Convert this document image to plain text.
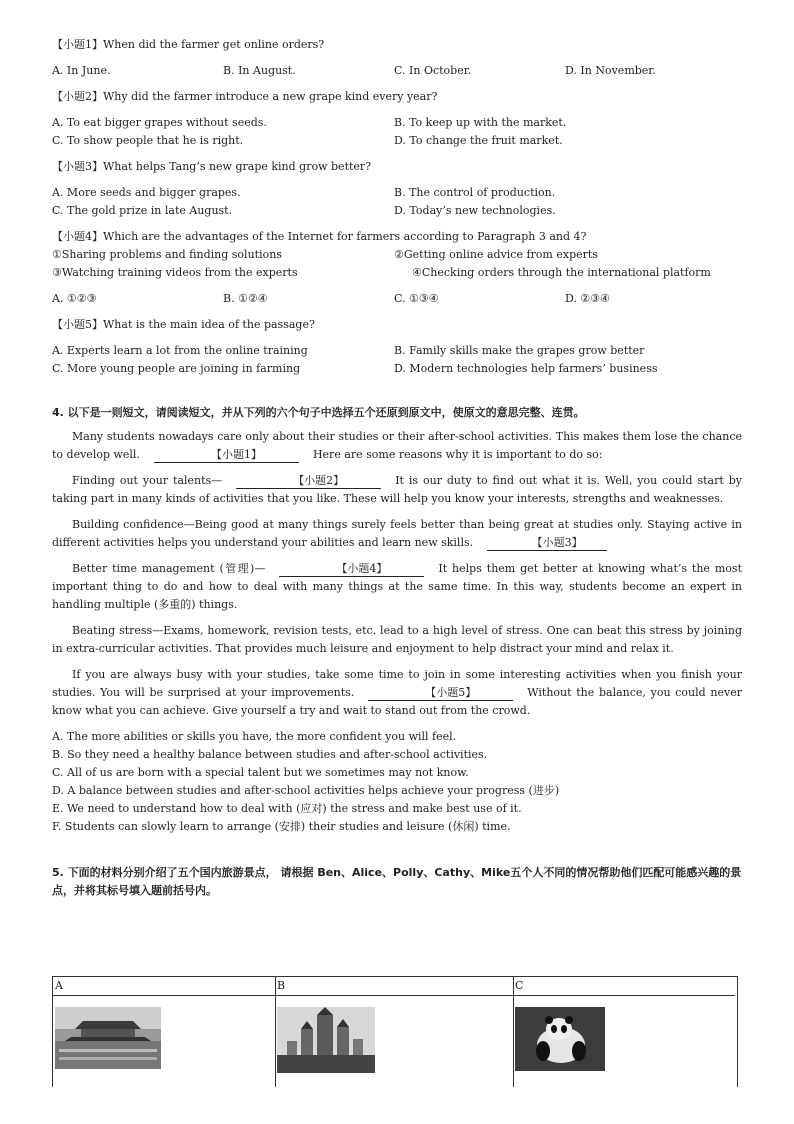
【小题1】When did the farmer get online orders?

A. In June.	B. In August.	C. In October.	D. In November.

【小题2】Why did the farmer introduce a new grape kind every year?

A. To eat bigger grapes without seeds.	B. To keep up with the market.
C. To show people that he is right.	D. To change the fruit market.

【小题3】What helps Tang’s new grape kind grow better?

A. More seeds and bigger grapes.	B. The control of production.
C. The gold prize in late August.	D. Today’s new technologies.

【小题4】Which are the advantages of the Internet for farmers according to Paragraph 3 and 4?

①Sharing problems and finding solutions	②Getting online advice from experts
③Watching training videos from the experts	④Checking orders through the international platform
A. ①②③	B. ①②④	C. ①③④	D. ②③④

【小题5】What is the main idea of the passage?

A. Experts learn a lot from the online training	B. Family skills make the grapes grow better
C. More young people are joining in farming	D. Modern technologies help farmers’ business
4. 以下是一则短文，请阅读短文，并从下列的六个句子中选择五个还原到原文中，使原文的意思完整、连贯。

Many students nowadays care only about their studies or their after-school activities. This makes them lose the chance to develop well.	【小题1】	Here are some reasons why it is important to do so:

Finding out your talents—	【小题2】	It is our duty to find out what it is. Well, you could start by taking part in many kinds of activities that you like. These will help you know your interests, strengths and weaknesses.

Building confidence—Being good at many things surely feels better than being great at studies only. Staying active in different activities helps you understand your abilities and learn new skills.	【小题3】

Better time management (管理)—	【小题4】	It helps them get better at knowing what’s the most important thing to do and how to deal with many things at the same time. In this way, students become an expert in handling multiple (多重的) things.

Beating stress—Exams, homework, revision tests, etc. lead to a high level of stress. One can beat this stress by joining in extra-curricular activities. That provides much leisure and enjoyment to help distract your mind and relax it.

If you are always busy with your studies, take some time to join in some interesting activities when you finish your studies. You will be surprised at your improvements.	【小题5】	Without the balance, you could never know what you can achieve. Give yourself a try and wait to stand out from the crowd.

A. The more abilities or skills you have, the more confident you will feel.
B. So they need a healthy balance between studies and after-school activities.
C. All of us are born with a special talent but we sometimes may not know.
D. A balance between studies and after-school activities helps achieve your progress (进步)
E. We need to understand how to deal with (应对) the stress and make best use of it.
F. Students can slowly learn to arrange (安排) their studies and leisure (休闲) time.
5. 下面的材料分别介绍了五个国内旅游景点， 请根据 Ben、Alice、Polly、Cathy、Mike五个人不同的情况帮助他们匹配可能感兴趣的景点，并将其标号填入题前括号内。
A	B	C
